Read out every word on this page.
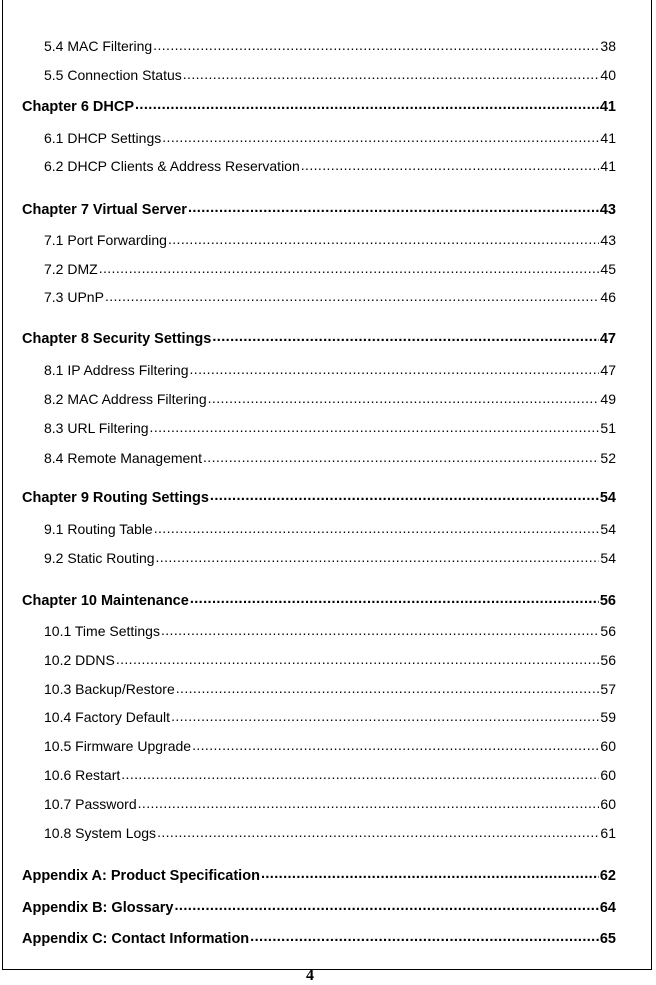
5.4 MAC Filtering .....	38
5.5 Connection Status .....	40
Chapter 6 DHCP .....	41
6.1 DHCP Settings .....	41
6.2 DHCP Clients & Address Reservation .....	41
Chapter 7 Virtual Server .....	43
7.1 Port Forwarding .....	43
7.2 DMZ .....	45
7.3 UPnP .....	46
Chapter 8 Security Settings .....	47
8.1 IP Address Filtering .....	47
8.2 MAC Address Filtering .....	49
8.3 URL Filtering .....	51
8.4 Remote Management .....	52
Chapter 9 Routing Settings .....	54
9.1 Routing Table .....	54
9.2 Static Routing .....	54
Chapter 10 Maintenance .....	56
10.1 Time Settings .....	56
10.2 DDNS .....	56
10.3 Backup/Restore .....	57
10.4 Factory Default .....	59
10.5 Firmware Upgrade .....	60
10.6 Restart .....	60
10.7 Password .....	60
10.8 System Logs .....	61
Appendix A: Product Specification .....	62
Appendix B: Glossary .....	64
Appendix C: Contact Information .....	65
4
